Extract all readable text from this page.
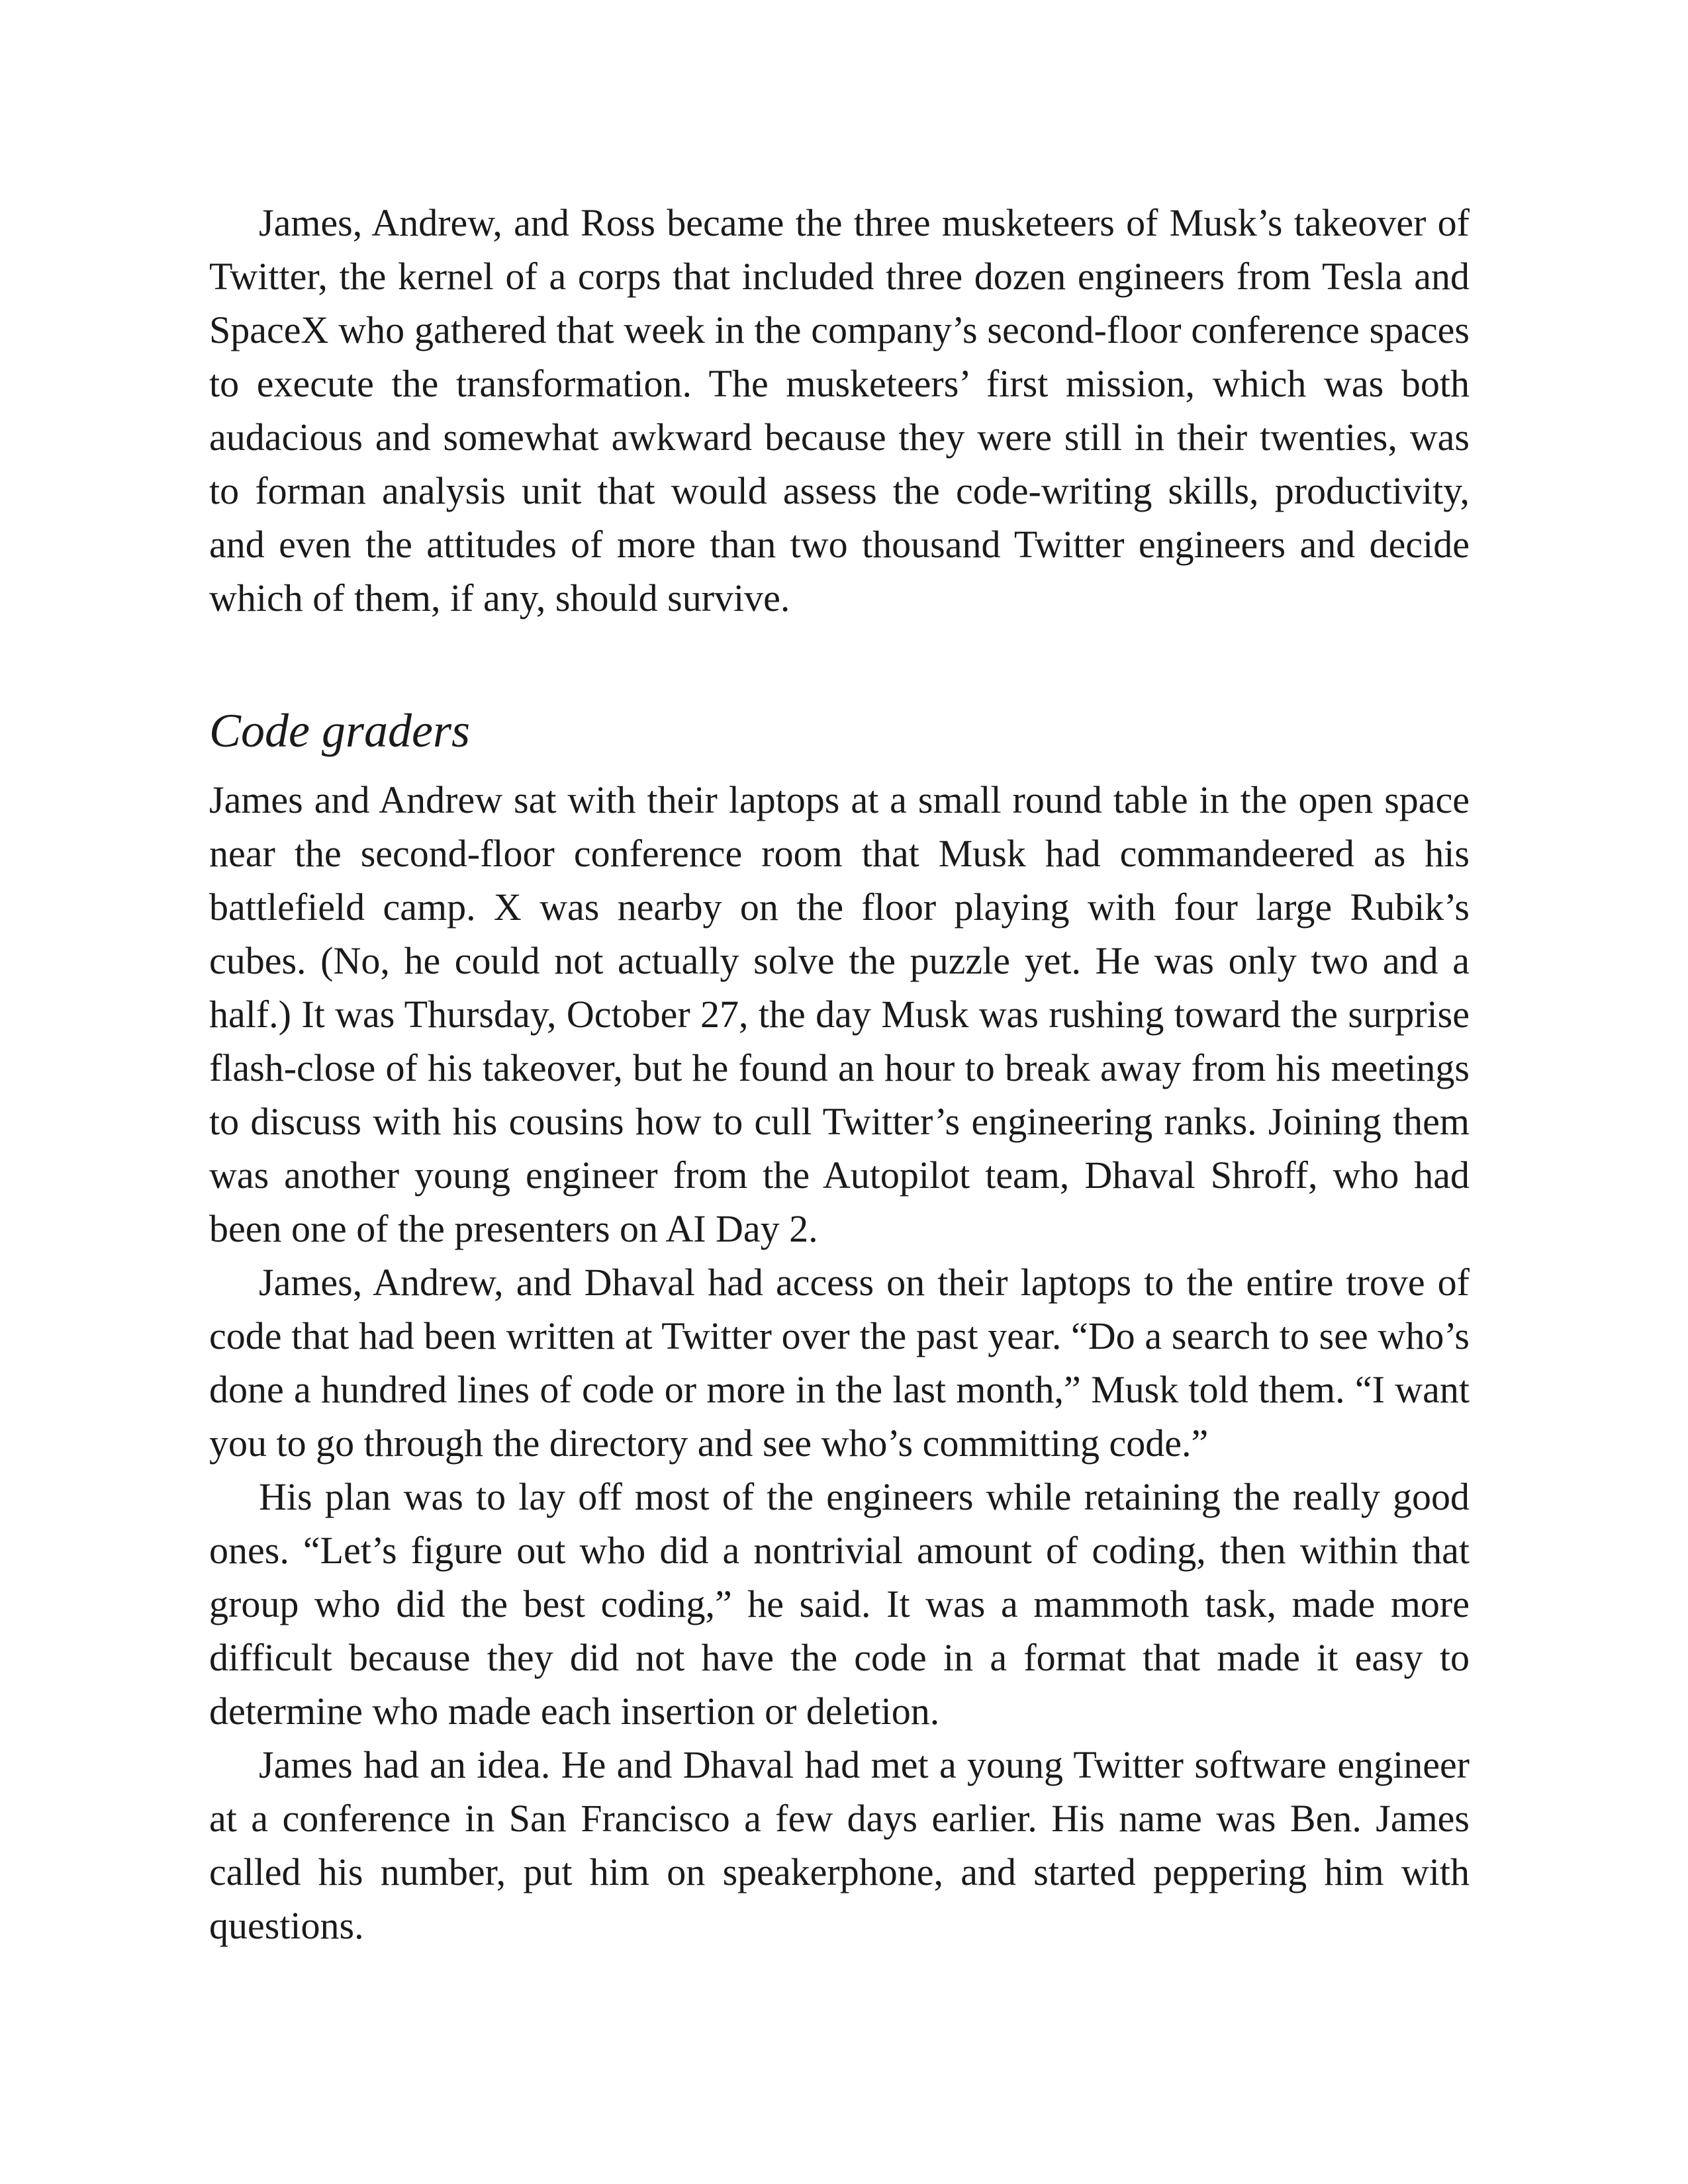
James, Andrew, and Ross became the three musketeers of Musk’s takeover of Twitter, the kernel of a corps that included three dozen engineers from Tesla and SpaceX who gathered that week in the company’s second-floor conference spaces to execute the transformation. The musketeers’ first mission, which was both audacious and somewhat awkward because they were still in their twenties, was to forman analysis unit that would assess the code-writing skills, productivity, and even the attitudes of more than two thousand Twitter engineers and decide which of them, if any, should survive.

Code graders

James and Andrew sat with their laptops at a small round table in the open space near the second-floor conference room that Musk had commandeered as his battlefield camp. X was nearby on the floor playing with four large Rubik’s cubes. (No, he could not actually solve the puzzle yet. He was only two and a half.) It was Thursday, October 27, the day Musk was rushing toward the surprise flash-close of his takeover, but he found an hour to break away from his meetings to discuss with his cousins how to cull Twitter’s engineering ranks. Joining them was another young engineer from the Autopilot team, Dhaval Shroff, who had been one of the presenters on AI Day 2.

James, Andrew, and Dhaval had access on their laptops to the entire trove of code that had been written at Twitter over the past year. “Do a search to see who’s done a hundred lines of code or more in the last month,” Musk told them. “I want you to go through the directory and see who’s committing code.”

His plan was to lay off most of the engineers while retaining the really good ones. “Let’s figure out who did a nontrivial amount of coding, then within that group who did the best coding,” he said. It was a mammoth task, made more difficult because they did not have the code in a format that made it easy to determine who made each insertion or deletion.

James had an idea. He and Dhaval had met a young Twitter software engineer at a conference in San Francisco a few days earlier. His name was Ben. James called his number, put him on speakerphone, and started peppering him with questions.
